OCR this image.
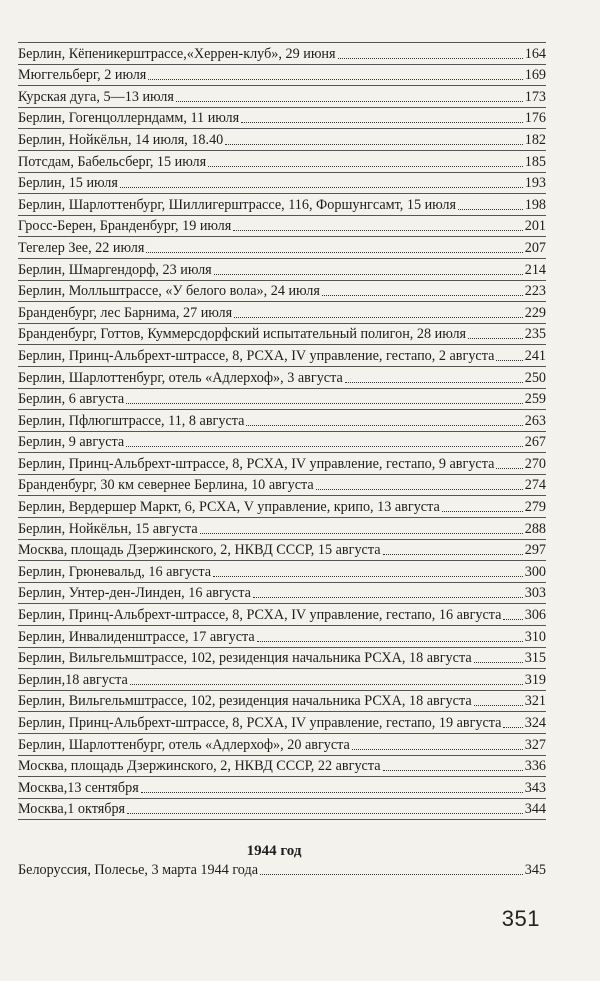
Берлин, Кёпеникерштрассе,«Херрен-клуб», 29 июня	164
Мюггельберг, 2 июля	169
Курская дуга, 5—13 июля	173
Берлин, Гогенцоллерндамм, 11 июля	176
Берлин, Нойкёльн, 14 июля, 18.40	182
Потсдам, Бабельсберг, 15 июля	185
Берлин, 15 июля	193
Берлин, Шарлоттенбург, Шиллигерштрассе, 116, Форшунгсамт, 15 июля	198
Гросс-Берен, Бранденбург, 19 июля	201
Тегелер Зее, 22 июля	207
Берлин, Шмаргендорф, 23 июля	214
Берлин, Молльштрассе, «У белого вола», 24 июля	223
Бранденбург, лес Барнима, 27 июля	229
Бранденбург, Готтов, Куммерсдорфский испытательный полигон, 28 июля	235
Берлин, Принц-Альбрехт-штрассе, 8, РСХА, IV управление, гестапо, 2 августа 241
Берлин, Шарлоттенбург, отель «Адлерхоф», 3 августа	250
Берлин, 6 августа	259
Берлин, Пфлюгштрассе, 11, 8 августа	263
Берлин, 9 августа	267
Берлин, Принц-Альбрехт-штрассе, 8, РСХА, IV управление, гестапо, 9 августа 270
Бранденбург, 30 км севернее Берлина, 10 августа	274
Берлин, Вердершер Маркт, 6, РСХА, V управление, крипо, 13 августа	279
Берлин, Нойкёльн, 15 августа	288
Москва, площадь Дзержинского, 2, НКВД СССР, 15 августа	297
Берлин, Грюневальд, 16 августа	300
Берлин, Унтер-ден-Линден, 16 августа	303
Берлин, Принц-Альбрехт-штрассе, 8, РСХА, IV управление, гестапо, 16 августа 306
Берлин, Инвалиденштрассе, 17 августа	310
Берлин, Вильгельмштрассе, 102, резиденция начальника РСХА, 18 августа	315
Берлин,18 августа	319
Берлин, Вильгельмштрассе, 102, резиденция начальника РСХА, 18 августа	321
Берлин, Принц-Альбрехт-штрассе, 8, РСХА, IV управление, гестапо, 19 августа 324
Берлин, Шарлоттенбург, отель «Адлерхоф», 20 августа	327
Москва, площадь Дзержинского, 2, НКВД СССР, 22 августа	336
Москва,13 сентября	343
Москва,1 октября	344
1944 год
Белоруссия, Полесье, 3 марта 1944 года	345
351
